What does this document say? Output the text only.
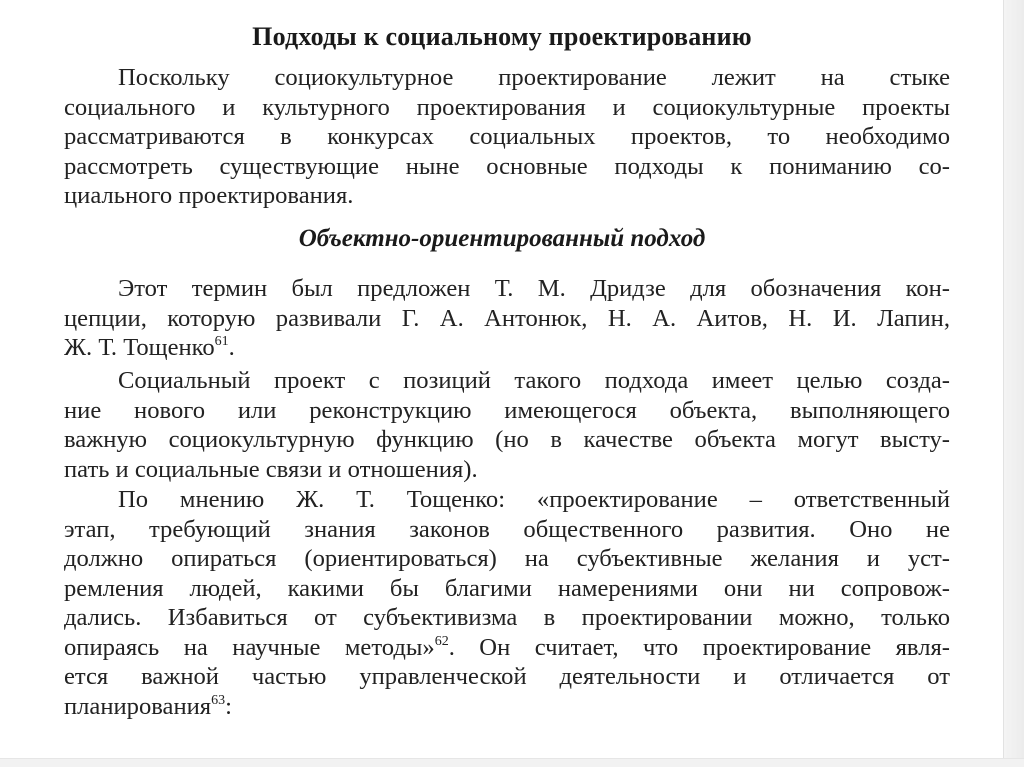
Подходы к социальному проектированию
Поскольку социокультурное проектирование лежит на стыке
социального и культурного проектирования и социокультурные проекты
рассматриваются в конкурсах социальных проектов, то необходимо
рассмотреть существующие ныне основные подходы к пониманию со-
циального проектирования.
Объектно-ориентированный подход
Этот термин был предложен Т. М. Дридзе для обозначения кон-
цепции, которую развивали Г. А. Антонюк, Н. А. Аитов, Н. И. Лапин,
Ж. Т. Тощенко$^{61}$.
Социальный проект с позиций такого подхода имеет целью созда-
ние нового или реконструкцию имеющегося объекта, выполняющего
важную социокультурную функцию (но в качестве объекта могут высту-
пать и социальные связи и отношения).
По мнению Ж. Т. Тощенко: «проектирование – ответственный
этап, требующий знания законов общественного развития. Оно не
должно опираться (ориентироваться) на субъективные желания и уст-
ремления людей, какими бы благими намерениями они ни сопровож-
дались. Избавиться от субъективизма в проектировании можно, только
опираясь на научные методы»$^{62}$. Он считает, что проектирование явля-
ется важной частью управленческой деятельности и отличается от
планирования$^{63}$:
